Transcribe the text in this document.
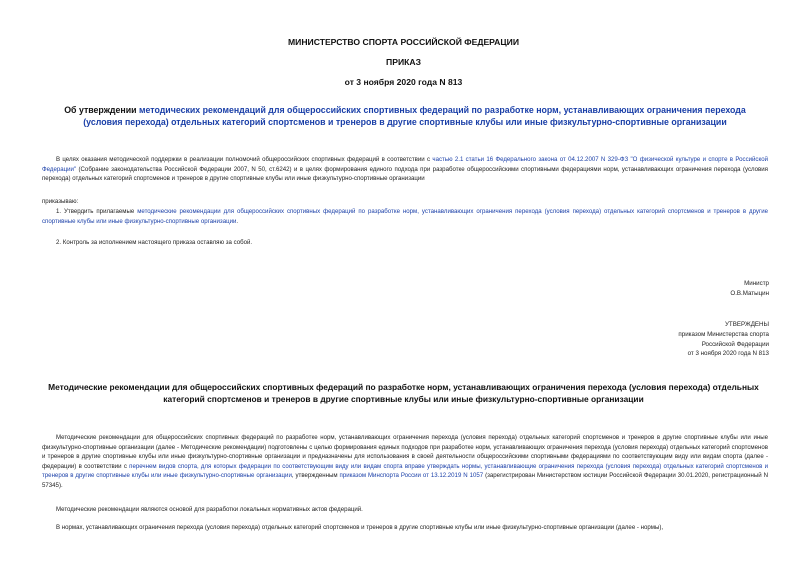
МИНИСТЕРСТВО СПОРТА РОССИЙСКОЙ ФЕДЕРАЦИИ
ПРИКАЗ
от 3 ноября 2020 года N 813
Об утверждении методических рекомендаций для общероссийских спортивных федераций по разработке норм, устанавливающих ограничения перехода (условия перехода) отдельных категорий спортсменов и тренеров в другие спортивные клубы или иные физкультурно-спортивные организации
В целях оказания методической поддержки в реализации полномочий общероссийских спортивных федераций в соответствии с частью 2.1 статьи 16 Федерального закона от 04.12.2007 N 329-ФЗ "О физической культуре и спорте в Российской Федерации" (Собрание законодательства Российской Федерации 2007, N 50, ст.6242) и в целях формирования единого подхода при разработке общероссийскими спортивными федерациями норм, устанавливающих ограничения перехода (условия перехода) отдельных категорий спортсменов и тренеров в другие спортивные клубы или иные физкультурно-спортивные организации
приказываю:
1. Утвердить прилагаемые методические рекомендации для общероссийских спортивных федераций по разработке норм, устанавливающих ограничения перехода (условия перехода) отдельных категорий спортсменов и тренеров в другие спортивные клубы или иные физкультурно-спортивные организации.
2. Контроль за исполнением настоящего приказа оставляю за собой.
Министр
О.В.Матыцин
УТВЕРЖДЕНЫ
приказом Министерства спорта
Российской Федерации
от 3 ноября 2020 года N 813
Методические рекомендации для общероссийских спортивных федераций по разработке норм, устанавливающих ограничения перехода (условия перехода) отдельных категорий спортсменов и тренеров в другие спортивные клубы или иные физкультурно-спортивные организации
Методические рекомендации для общероссийских спортивных федераций по разработке норм, устанавливающих ограничения перехода (условия перехода) отдельных категорий спортсменов и тренеров в другие спортивные клубы или иные физкультурно-спортивные организации (далее - Методические рекомендации) подготовлены с целью формирования единых подходов при разработке норм, устанавливающих ограничения перехода (условия перехода) отдельных категорий спортсменов и тренеров в другие спортивные клубы или иные физкультурно-спортивные организации и предназначены для использования в своей деятельности общероссийскими спортивными федерациями по соответствующим виду или видам спорта (далее - федерации) в соответствии с перечнем видов спорта, для которых федерации по соответствующим виду или видам спорта вправе утверждать нормы, устанавливающие ограничения перехода (условия перехода) отдельных категорий спортсменов и тренеров в другие спортивные клубы или иные физкультурно-спортивные организации, утвержденным приказом Минспорта России от 13.12.2019 N 1057 (зарегистрирован Министерством юстиции Российской Федерации 30.01.2020, регистрационный N 57345).
Методические рекомендации являются основой для разработки локальных нормативных актов федераций.
В нормах, устанавливающих ограничения перехода (условия перехода) отдельных категорий спортсменов и тренеров в другие спортивные клубы или иные физкультурно-спортивные организации (далее - нормы),
